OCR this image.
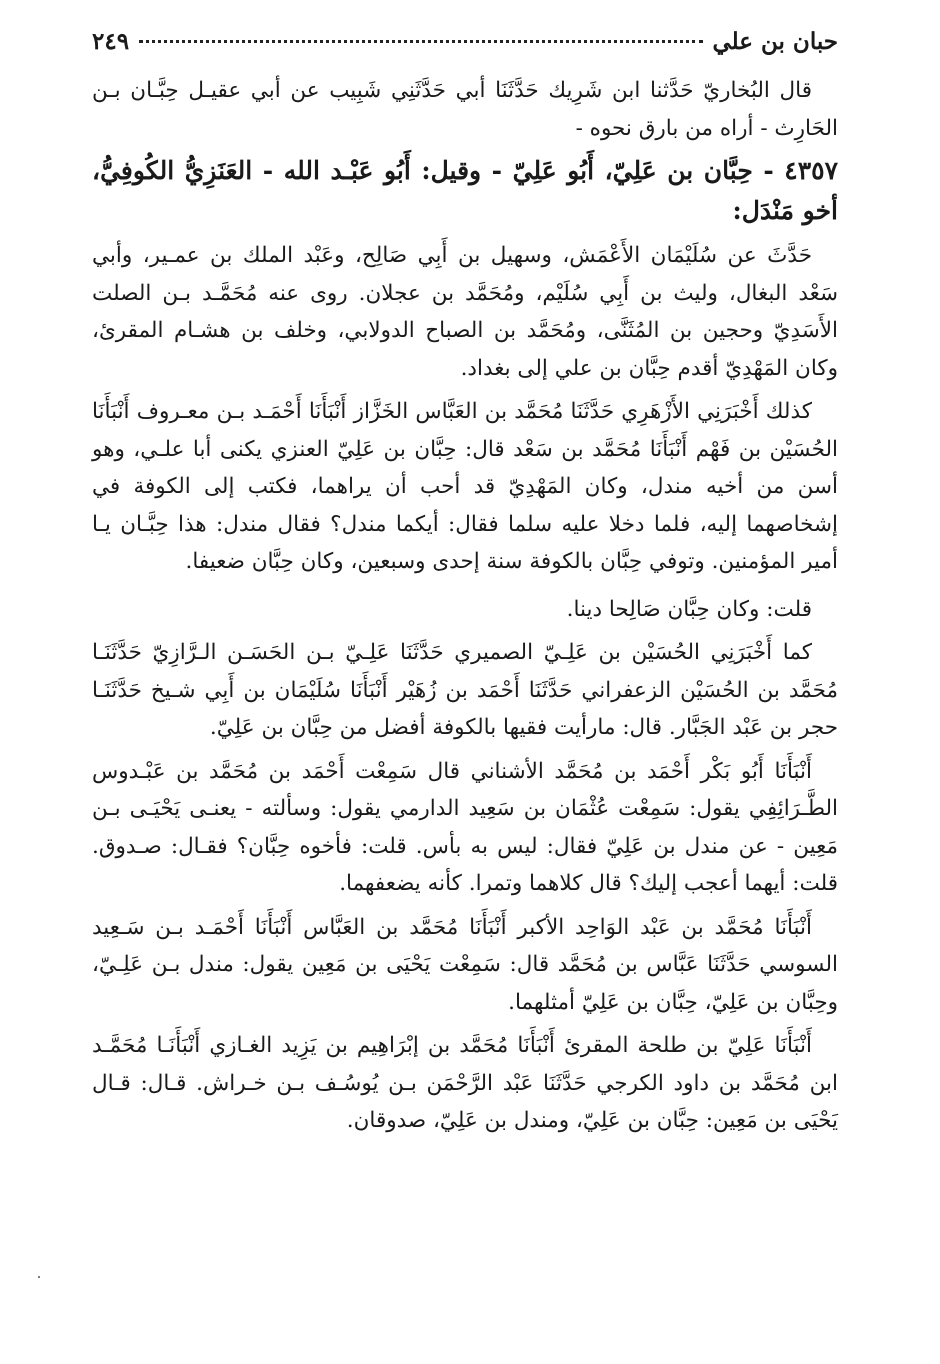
حبان بن علي
٢٤٩

قال البُخاريّ حَدَّثنا ابن شَرِيك حَدَّثَنَا أبي حَدَّثَنِي شَبِيب عن أبي عقيـل حِبَّـان بـن الحَارِث - أراه من بارق نحوه -

٤٣٥٧ - حِبَّان بن عَلِيّ، أَبُو عَلِيّ - وقيل: أَبُو عَبْـد الله - العَنَزِيُّ الكُوفِيُّ، أخو مَنْدَل:

حَدَّثَ عن سُلَيْمَان الأَعْمَش، وسهيل بن أَبِي صَالِح، وعَبْد الملك بن عمـير، وأبي سَعْد البغال، وليث بن أَبِي سُلَيْم، ومُحَمَّد بن عجلان. روى عنه مُحَمَّـد بـن الصلت الأَسَدِيّ وحجين بن المُثَنَّى، ومُحَمَّد بن الصباح الدولابي، وخلف بن هشـام المقرئ، وكان المَهْدِيّ أقدم حِبَّان بن علي إلى بغداد.

كذلك أَخْبَرَنِي الأَزْهَرِي حَدَّثَنَا مُحَمَّد بن العَبَّاس الخَزَّاز أَنْبَأَنَا أَحْمَـد بـن معـروف أَنْبَأَنَا الحُسَيْن بن فَهْم أَنْبَأَنَا مُحَمَّد بن سَعْد قال: حِبَّان بن عَلِيّ العنزي يكنى أبا علـي، وهو أسن من أخيه مندل، وكان المَهْدِيّ قد أحب أن يراهما، فكتب إلى الكوفة في إشخاصهما إليه، فلما دخلا عليه سلما فقال: أيكما مندل؟ فقال مندل: هذا حِبَّـان يـا أمير المؤمنين. وتوفي حِبَّان بالكوفة سنة إحدى وسبعين، وكان حِبَّان ضعيفا.

قلت: وكان حِبَّان صَالِحا دينا.

كما أَخْبَرَنِي الحُسَيْن بن عَلِـيّ الصميري حَدَّثَنَا عَلِـيّ بـن الحَسَـن الـرَّازِيّ حَدَّثَنَـا مُحَمَّد بن الحُسَيْن الزعفراني حَدَّثَنَا أَحْمَد بن زُهَيْر أَنْبَأَنَا سُلَيْمَان بن أَبِي شـيخ حَدَّثَنَـا حجر بن عَبْد الجَبَّار. قال: مارأيت فقيها بالكوفة أفضل من حِبَّان بن عَلِيّ.

أَنْبَأَنَا أَبُو بَكْر أَحْمَد بن مُحَمَّد الأشناني قال سَمِعْت أَحْمَد بن مُحَمَّد بن عَبْـدوس الطَّـرَائِفِي يقول: سَمِعْت عُثْمَان بن سَعِيد الدارمي يقول: وسألته - يعنـى يَحْيَـى بـن مَعِين - عن مندل بن عَلِيّ فقال: ليس به بأس. قلت: فأخوه حِبَّان؟ فقـال: صـدوق. قلت: أيهما أعجب إليك؟ قال كلاهما وتمرا. كأنه يضعفهما.

أَنْبَأَنَا مُحَمَّد بن عَبْد الوَاحِد الأكبر أَنْبَأَنَا مُحَمَّد بن العَبَّاس أَنْبَأَنَا أَحْمَـد بـن سَـعِيد السوسي حَدَّثَنَا عَبَّاس بن مُحَمَّد قال: سَمِعْت يَحْيَى بن مَعِين يقول: مندل بـن عَلِـيّ، وحِبَّان بن عَلِيّ، حِبَّان بن عَلِيّ أمثلهما.

أَنْبَأَنَا عَلِيّ بن طلحة المقرئ أَنْبَأَنَا مُحَمَّد بن إبْرَاهِيم بن يَزِيد الغـازي أَنْبَأَنَـا مُحَمَّـد ابن مُحَمَّد بن داود الكرجي حَدَّثَنَا عَبْد الرَّحْمَن بـن يُوسُـف بـن خـراش. قـال: قـال يَحْيَى بن مَعِين: حِبَّان بن عَلِيّ، ومندل بن عَلِيّ، صدوقان.
